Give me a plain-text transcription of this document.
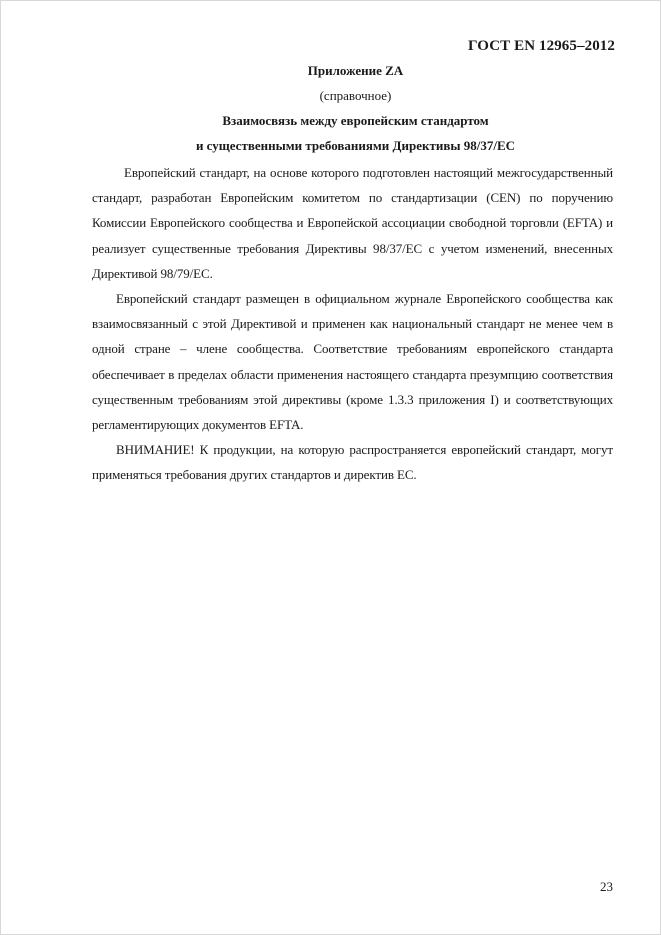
ГОСТ EN 12965–2012
Приложение ZA
(справочное)
Взаимосвязь между европейским стандартом
и существенными требованиями Директивы 98/37/ЕС

Европейский стандарт, на основе которого подготовлен настоящий межгосударственный стандарт, разработан Европейским комитетом по стандартизации (CEN) по поручению Комиссии Европейского сообщества и Европейской ассоциации свободной торговли (EFTA) и реализует существенные требования Директивы 98/37/ЕС с учетом изменений, внесенных Директивой 98/79/ЕС.

Европейский стандарт размещен в официальном журнале Европейского сообщества как взаимосвязанный с этой Директивой и применен как национальный стандарт не менее чем в одной стране – члене сообщества. Соответствие требованиям европейского стандарта обеспечивает в пределах области применения настоящего стандарта презумпцию соответствия существенным требованиям этой директивы (кроме 1.3.3 приложения I) и соответствующих регламентирующих документов EFTA.

ВНИМАНИЕ! К продукции, на которую распространяется европейский стандарт, могут применяться требования других стандартов и директив ЕС.

23
